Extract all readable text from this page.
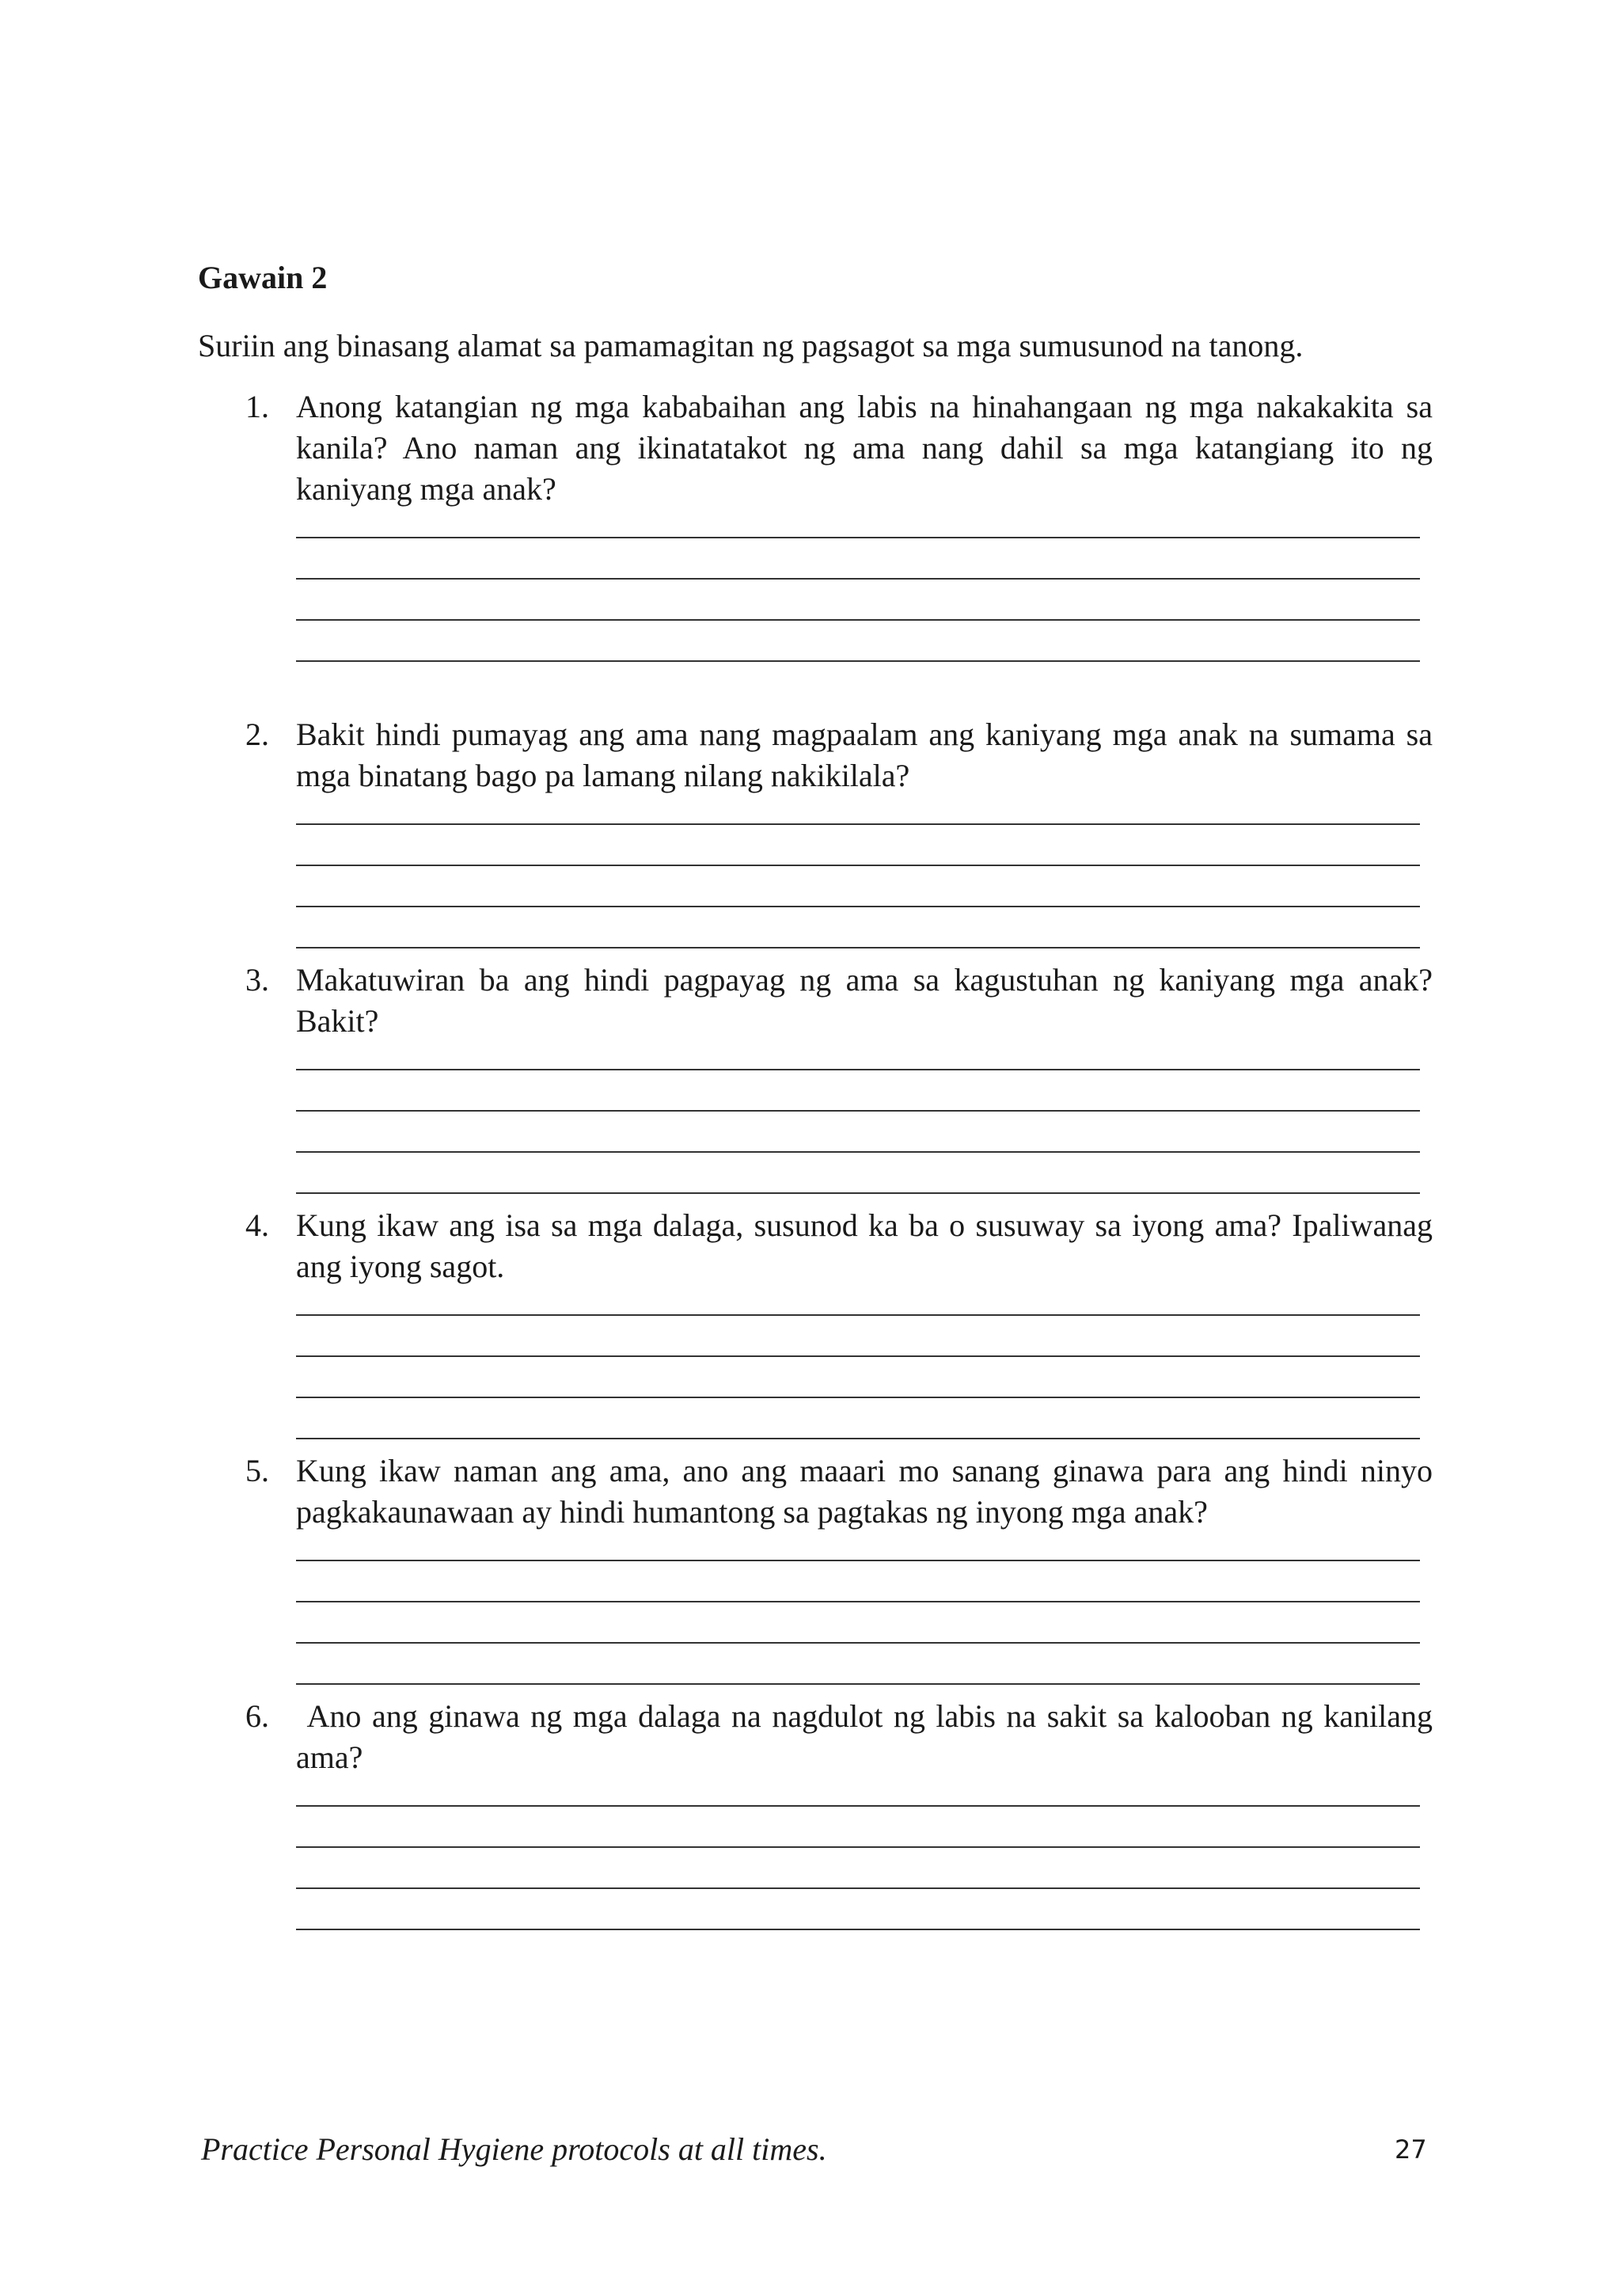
Gawain 2

Suriin ang binasang alamat sa pamamagitan ng pagsagot sa mga sumusunod na tanong.

1. Anong katangian ng mga kababaihan ang labis na hinahangaan ng mga nakakakita sa kanila? Ano naman ang ikinatatakot ng ama nang dahil sa mga katangiang ito ng kaniyang mga anak?

2. Bakit hindi pumayag ang ama nang magpaalam ang kaniyang mga anak na sumama sa mga binatang bago pa lamang nilang nakikilala?

3. Makatuwiran ba ang hindi pagpayag ng ama sa kagustuhan ng kaniyang mga anak? Bakit?

4. Kung ikaw ang isa sa mga dalaga, susunod ka ba o susuway sa iyong ama? Ipaliwanag ang iyong sagot.

5. Kung ikaw naman ang ama, ano ang maaari mo sanang ginawa para ang hindi ninyo pagkakaunawaan ay hindi humantong sa pagtakas ng inyong mga anak?

6. Ano ang ginawa ng mga dalaga na nagdulot ng labis na sakit sa kalooban ng kanilang ama?

Practice Personal Hygiene protocols at all times.	27
